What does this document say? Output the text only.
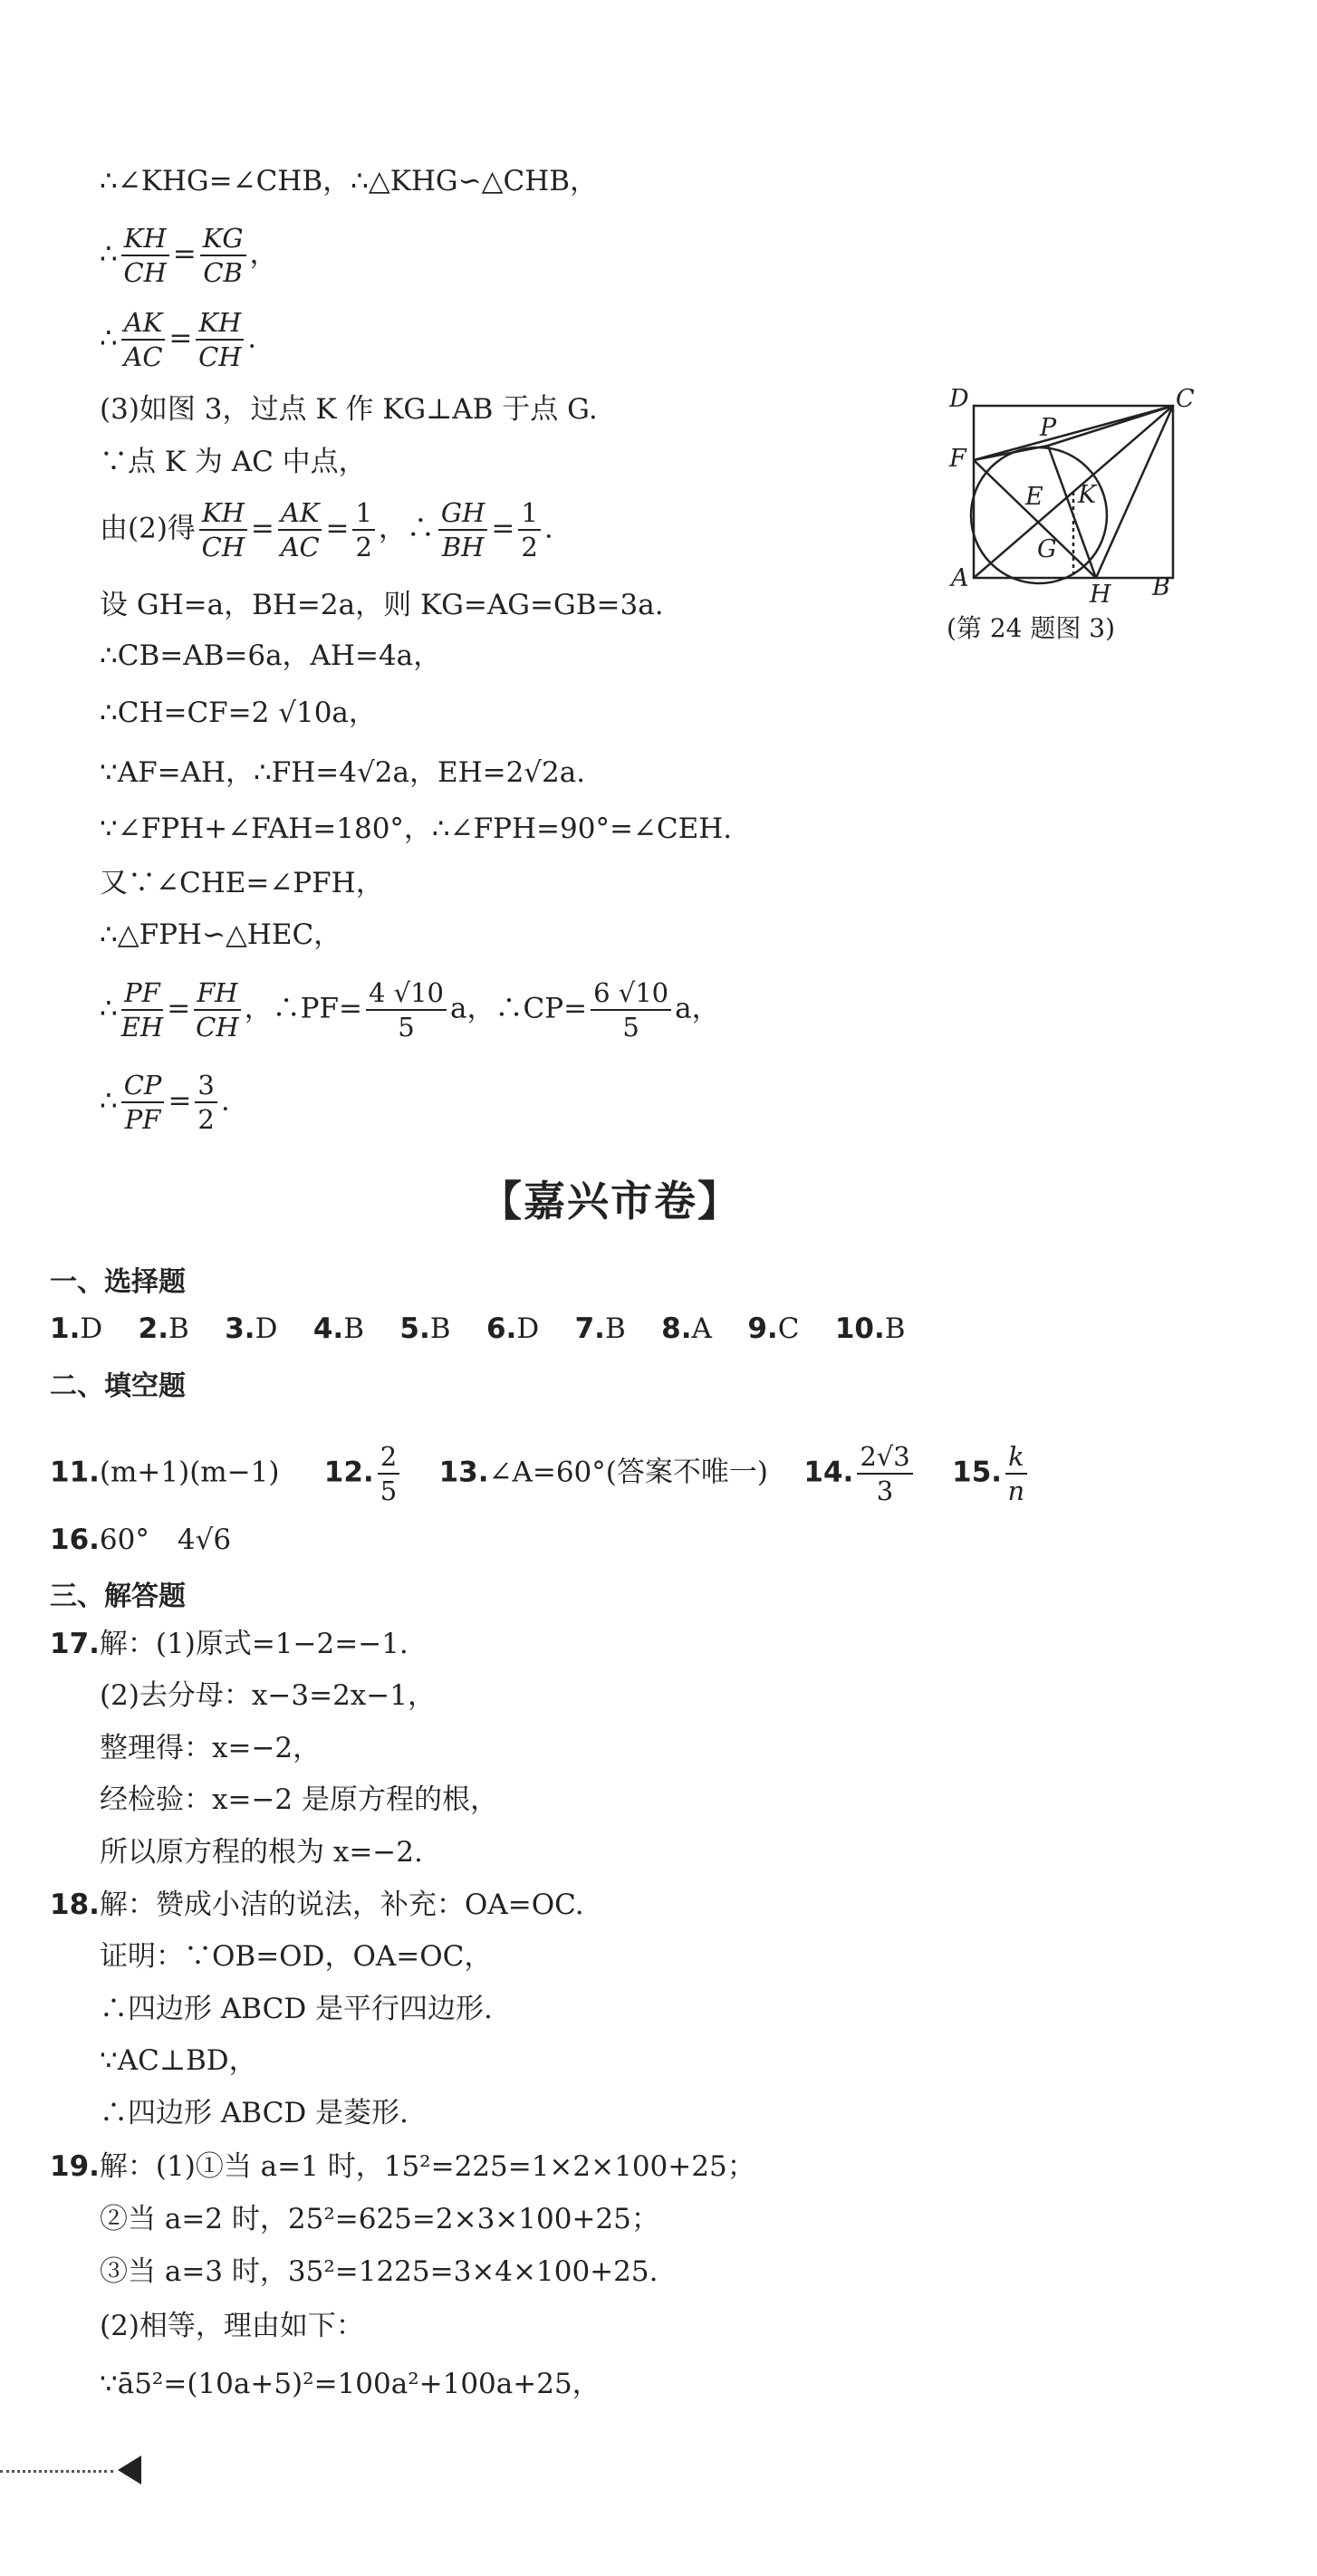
∴∠KHG=∠CHB，∴△KHG∽△CHB，
∴ $\frac{KH}{CH} = \frac{KG}{CB}$ ，
∴ $\frac{AK}{AC} = \frac{KH}{CH}$ .
(3)如图 3，过点 K 作 KG⊥AB 于点 G.
∵点 K 为 AC 中点，
由(2)得 $\frac{KH}{CH} = \frac{AK}{AC} = \frac{1}{2}$ ，∴ $\frac{GH}{BH} = \frac{1}{2}$ .
设 GH=a，BH=2a，则 KG=AG=GB=3a.
∴CB=AB=6a，AH=4a，
∴CH=CF=2 √10a，
∵AF=AH，∴FH=4√2a，EH=2√2a.
∵∠FPH+∠FAH=180°，∴∠FPH=90°=∠CEH.
又∵∠CHE=∠PFH，
∴△FPH∽△HEC，
∴ $\frac{PF}{EH} = \frac{FH}{CH}$ ，∴PF= $\frac{4 √10}{5}$ a，∴CP= $\frac{6 √10}{5}$ a，
∴ $\frac{CP}{PF} = \frac{3}{2}$ .
D
P
C
F
E K
G
A
H B
(第 24 题图 3)
【嘉兴市卷】
一、选择题
1.D 2.B 3.D 4.B 5.B 6.D 7.B 8.A 9.C 10.B
二、填空题
11.(m+1)(m−1) 12. $\frac{2}{5}$ 13.∠A=60°(答案不唯一) 14. $\frac{2√3}{3} 15$. $\frac{k}{n}$
16.60°　4√6
三、解答题
17.解：(1)原式=1−2=−1.
(2)去分母：x−3=2x−1，
整理得：x=−2，
经检验：x=−2 是原方程的根，
所以原方程的根为 x=−2.
18.解：赞成小洁的说法，补充：OA=OC.
证明：∵OB=OD，OA=OC，
∴四边形 ABCD 是平行四边形.
∵AC⊥BD，
∴四边形 ABCD 是菱形.
19.解：(1)①当 a=1 时，15²=225=1×2×100+25；
②当 a=2 时，25²=625=2×3×100+25；
③当 a=3 时，35²=1225=3×4×100+25.
(2)相等，理由如下：
∵ā5²=(10a+5)²=100a²+100a+25，
